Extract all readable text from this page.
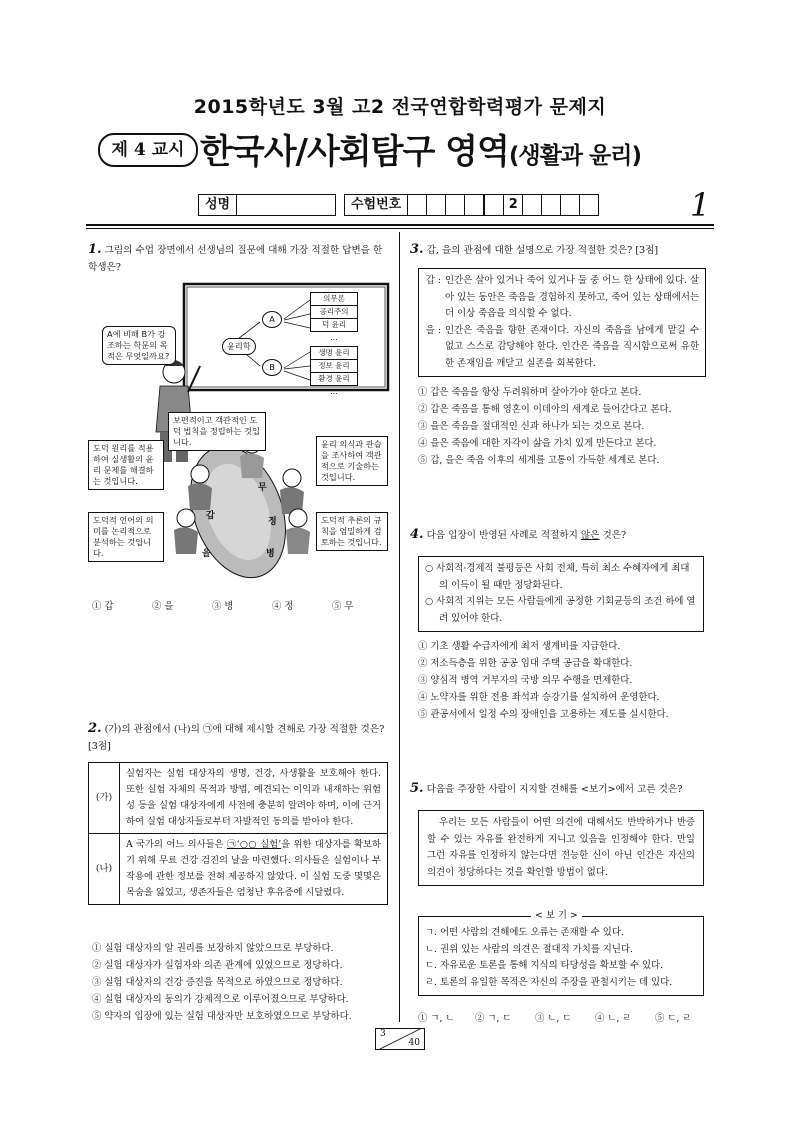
2015학년도 3월 고2 전국연합학력평가 문제지
제 4 교시 한국사/사회탐구 영역(생활과 윤리)
성명	수험번호	2	1
1. 그림의 수업 장면에서 선생님의 질문에 대해 가장 적절한 답변을 한 학생은?
윤리학
A
B
의무론
공리주의
덕 윤리
…
생명 윤리
정보 윤리
환경 윤리
…
A에 비해 B가 강조하는 학문의 목적은 무엇일까요?
도덕 원리를 적용하여 실생활의 윤리 문제를 해결하는 것입니다.
보편적이고 객관적인 도덕 법칙을 정립하는 것입니다.	윤리 의식과 관습을 조사하여 객관적으로 기술하는 것입니다.
도덕적 언어의 의미를 논리적으로 분석하는 것입니다.
도덕적 추론의 규칙을 엄밀하게 검토하는 것입니다.
갑
을	병
정
무
① 갑	② 을	③ 병	④ 정	⑤ 무
2. (가)의 관점에서 (나)의 ㉠에 대해 제시할 견해로 가장 적절한 것은? [3점]
(가)	실험자는 실험 대상자의 생명, 건강, 사생활을 보호해야 한다. 또한 실험 자체의 목적과 방법, 예견되는 이익과 내재하는 위험성 등을 실험 대상자에게 사전에 충분히 알려야 하며, 이에 근거하여 실험 대상자들로부터 자발적인 동의를 받아야 한다.
(나)	A 국가의 어느 의사들은 ㉠‘○○ 실험’을 위한 대상자를 확보하기 위해 무료 건강 검진의 날을 마련했다. 의사들은 실험이나 부작용에 관한 정보를 전혀 제공하지 않았다. 이 실험 도중 몇몇은 목숨을 잃었고, 생존자들은 엄청난 후유증에 시달렸다.
① 실험 대상자의 알 권리를 보장하지 않았으므로 부당하다.
② 실험 대상자가 실험자와 의존 관계에 있었으므로 정당하다.
③ 실험 대상자의 건강 증진을 목적으로 하였으므로 정당하다.
④ 실험 대상자의 동의가 강제적으로 이루어졌으므로 부당하다.
⑤ 약자의 입장에 있는 실험 대상자만 보호하였으므로 부당하다.
3. 갑, 을의 관점에 대한 설명으로 가장 적절한 것은? [3점]
갑 : 인간은 살아 있거나 죽어 있거나 둘 중 어느 한 상태에 있다. 살아 있는 동안은 죽음을 경험하지 못하고, 죽어 있는 상태에서는 더 이상 죽음을 의식할 수 없다.
을 : 인간은 죽음을 향한 존재이다. 자신의 죽음을 남에게 맡길 수 없고 스스로 감당해야 한다. 인간은 죽음을 직시함으로써 유한한 존재임을 깨닫고 실존을 회복한다.
① 갑은 죽음을 항상 두려워하며 살아가야 한다고 본다.
② 갑은 죽음을 통해 영혼이 이데아의 세계로 들어간다고 본다.
③ 을은 죽음을 절대적인 신과 하나가 되는 것으로 본다.
④ 을은 죽음에 대한 자각이 삶을 가치 있게 만든다고 본다.
⑤ 갑, 을은 죽음 이후의 세계를 고통이 가득한 세계로 본다.
4. 다음 입장이 반영된 사례로 적절하지 않은 것은?
○ 사회적·경제적 불평등은 사회 전체, 특히 최소 수혜자에게 최대의 이득이 될 때만 정당화된다.
○ 사회적 지위는 모든 사람들에게 공정한 기회균등의 조건 하에 열려 있어야 한다.
① 기초 생활 수급자에게 최저 생계비를 지급한다.
② 저소득층을 위한 공공 임대 주택 공급을 확대한다.
③ 양심적 병역 거부자의 국방 의무 수행을 면제한다.
④ 노약자를 위한 전용 좌석과 승강기를 설치하여 운영한다.
⑤ 관공서에서 일정 수의 장애인을 고용하는 제도를 실시한다.
5. 다음을 주장한 사람이 지지할 견해를 <보기>에서 고른 것은?
우리는 모든 사람들이 어떤 의견에 대해서도 반박하거나 반증할 수 있는 자유를 완전하게 지니고 있음을 인정해야 한다. 만일 그런 자유를 인정하지 않는다면 전능한 신이 아닌 인간은 자신의 의견이 정당하다는 것을 확인할 방법이 없다.
< 보 기 >
ㄱ. 어떤 사람의 견해에도 오류는 존재할 수 있다.
ㄴ. 권위 있는 사람의 의견은 절대적 가치를 지닌다.
ㄷ. 자유로운 토론을 통해 지식의 타당성을 확보할 수 있다.
ㄹ. 토론의 유일한 목적은 자신의 주장을 관철시키는 데 있다.
① ㄱ, ㄴ ② ㄱ, ㄷ	③ ㄴ, ㄷ	④ ㄴ, ㄹ	⑤ ㄷ, ㄹ
3
40
